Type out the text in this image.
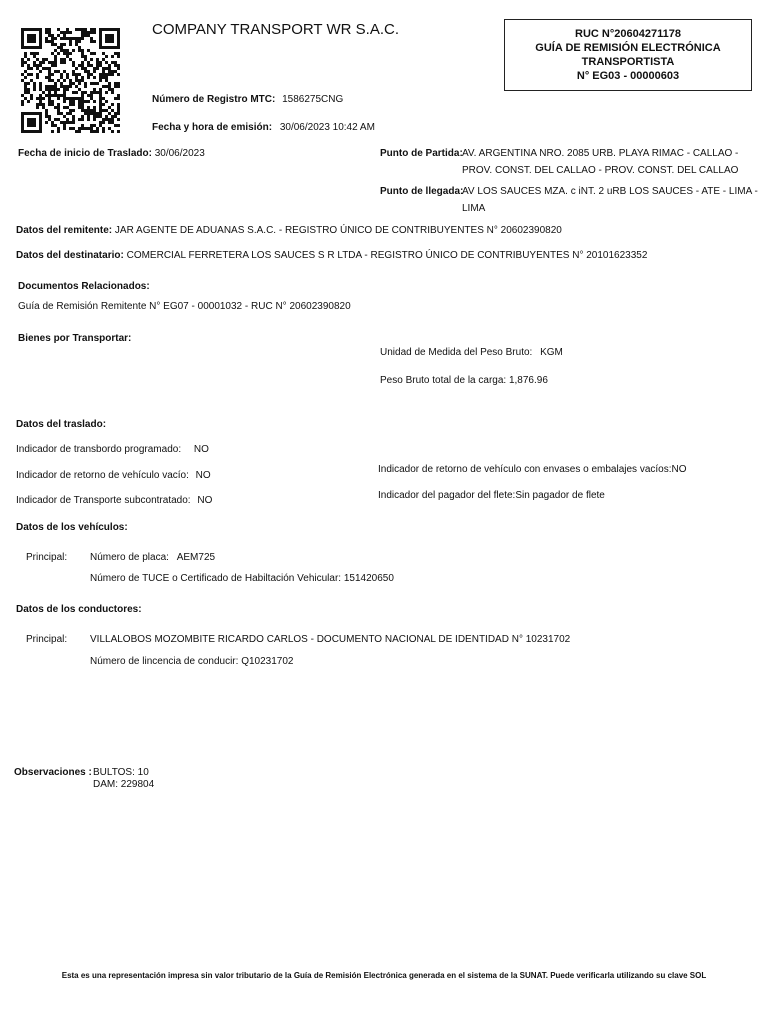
COMPANY TRANSPORT WR S.A.C.	RUC N°20604271178
GUÍA DE REMISIÓN ELECTRÓNICA
TRANSPORTISTA
N° EG03 - 00000603
Número de Registro MTC: 1586275CNG
Fecha y hora de emisión: 30/06/2023 10:42 AM
Fecha de inicio de Traslado: 30/06/2023	Punto de Partida: AV. ARGENTINA NRO. 2085 URB. PLAYA RIMAC - CALLAO -
PROV. CONST. DEL CALLAO - PROV. CONST. DEL CALLAO
Punto de llegada:
AV LOS SAUCES MZA. c iNT. 2 uRB LOS SAUCES - ATE - LIMA -
LIMA
Datos del remitente: JAR AGENTE DE ADUANAS S.A.C. - REGISTRO ÚNICO DE CONTRIBUYENTES N° 20602390820
Datos del destinatario: COMERCIAL FERRETERA LOS SAUCES S R LTDA - REGISTRO ÚNICO DE CONTRIBUYENTES N° 20101623352
Documentos Relacionados:
Guía de Remisión Remitente N° EG07 - 00001032 - RUC N° 20602390820
Bienes por Transportar:
Unidad de Medida del Peso Bruto: KGM
Peso Bruto total de la carga: 1,876.96
Datos del traslado:
Indicador de transbordo programado: NO
Indicador de retorno de vehículo vacío: NO
Indicador de Transporte subcontratado: NO
Indicador de retorno de vehículo con envases o embalajes vacíos:NO
Indicador del pagador del flete:Sin pagador de flete
Datos de los vehículos:
Principal: Número de placa: AEM725
Número de TUCE o Certificado de Habiltación Vehicular: 151420650
Datos de los conductores:
Principal: VILLALOBOS MOZOMBITE RICARDO CARLOS - DOCUMENTO NACIONAL DE IDENTIDAD N° 10231702
Número de lincencia de conducir: Q10231702
Observaciones : BULTOS: 10
DAM: 229804
Esta es una representación impresa sin valor tributario de la Guía de Remisión Electrónica generada en el sistema de la SUNAT. Puede verificarla utilizando su clave SOL
